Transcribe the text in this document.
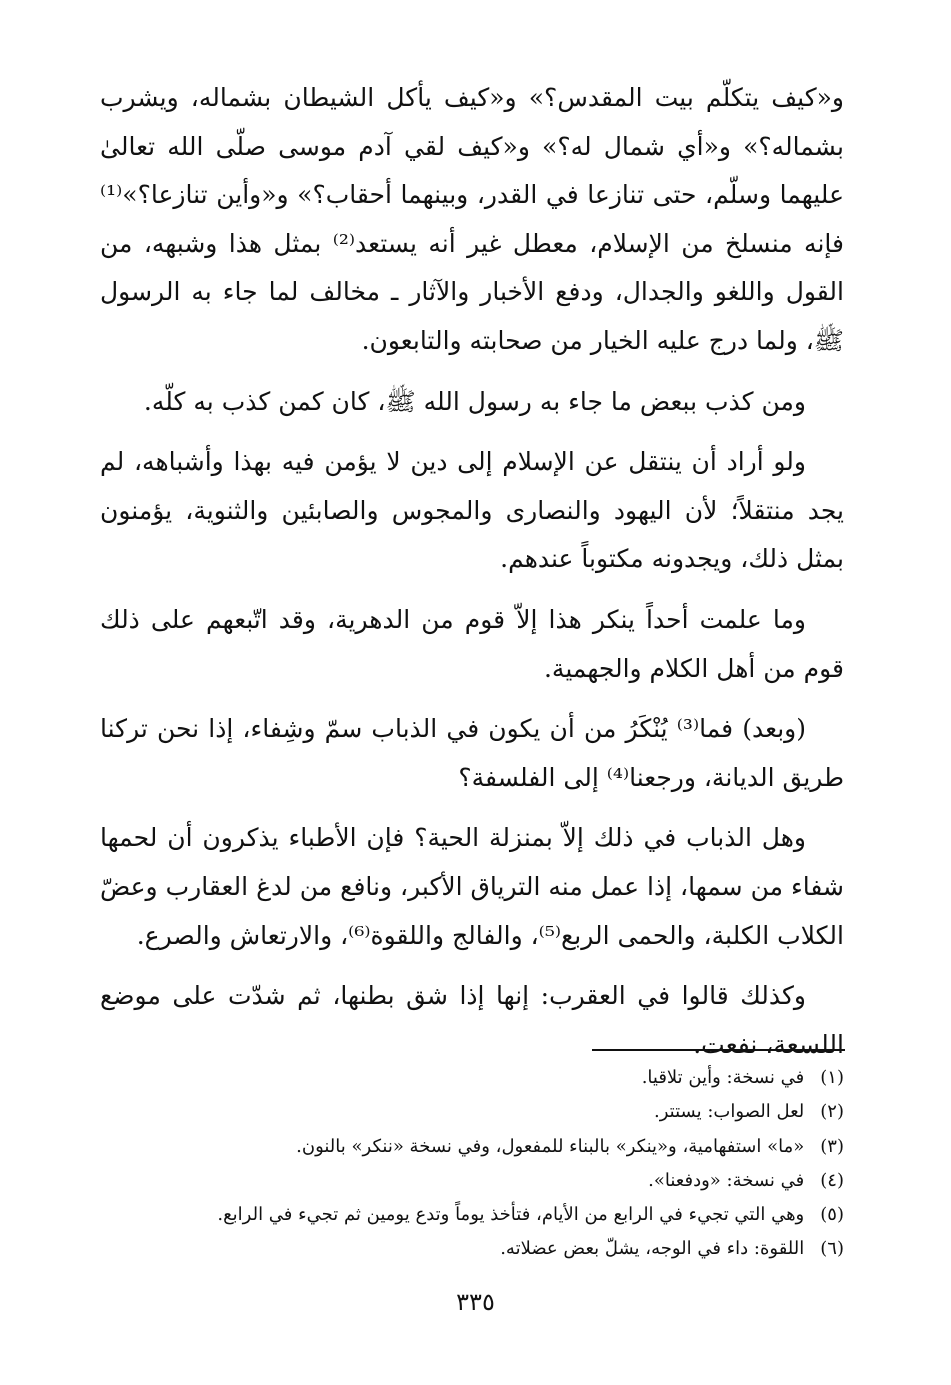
و«كيف يتكلّم بيت المقدس؟» و«كيف يأكل الشيطان بشماله، ويشرب بشماله؟» و«أي شمال له؟» و«كيف لقي آدم موسى صلّى الله تعالىٰ عليهما وسلّم، حتى تنازعا في القدر، وبينهما أحقاب؟» و«وأين تنازعا؟»⁽¹⁾ فإنه منسلخ من الإسلام، معطل غير أنه يستعد⁽²⁾ بمثل هذا وشبهه، من القول واللغو والجدال، ودفع الأخبار والآثار ـ مخالف لما جاء به الرسول ﷺ، ولما درج عليه الخيار من صحابته والتابعون.

ومن كذب ببعض ما جاء به رسول الله ﷺ، كان كمن كذب به كلّه.

ولو أراد أن ينتقل عن الإسلام إلى دين لا يؤمن فيه بهذا وأشباهه، لم يجد منتقلاً؛ لأن اليهود والنصارى والمجوس والصابئين والثنوية، يؤمنون بمثل ذلك، ويجدونه مكتوباً عندهم.

وما علمت أحداً ينكر هذا إلاّ قوم من الدهرية، وقد اتّبعهم على ذلك قوم من أهل الكلام والجهمية.

(وبعد) فما⁽³⁾ يُنْكَرُ من أن يكون في الذباب سمّ وشِفاء، إذا نحن تركنا طريق الديانة، ورجعنا⁽⁴⁾ إلى الفلسفة؟

وهل الذباب في ذلك إلاّ بمنزلة الحية؟ فإن الأطباء يذكرون أن لحمها شفاء من سمها، إذا عمل منه الترياق الأكبر، ونافع من لدغ العقارب وعضّ الكلاب الكلبة، والحمى الربع⁽⁵⁾، والفالج واللقوة⁽⁶⁾، والارتعاش والصرع.

وكذلك قالوا في العقرب: إنها إذا شق بطنها، ثم شدّت على موضع اللسعة، نفعت.

(١) في نسخة: وأين تلاقيا.
(٢) لعل الصواب: يستتر.
(٣) «ما» استفهامية، و«ينكر» بالبناء للمفعول، وفي نسخة «ننكر» بالنون.
(٤) في نسخة: «ودفعنا».
(٥) وهي التي تجيء في الرابع من الأيام، فتأخذ يوماً وتدع يومين ثم تجيء في الرابع.
(٦) اللقوة: داء في الوجه، يشلّ بعض عضلاته.
٣٣٥
